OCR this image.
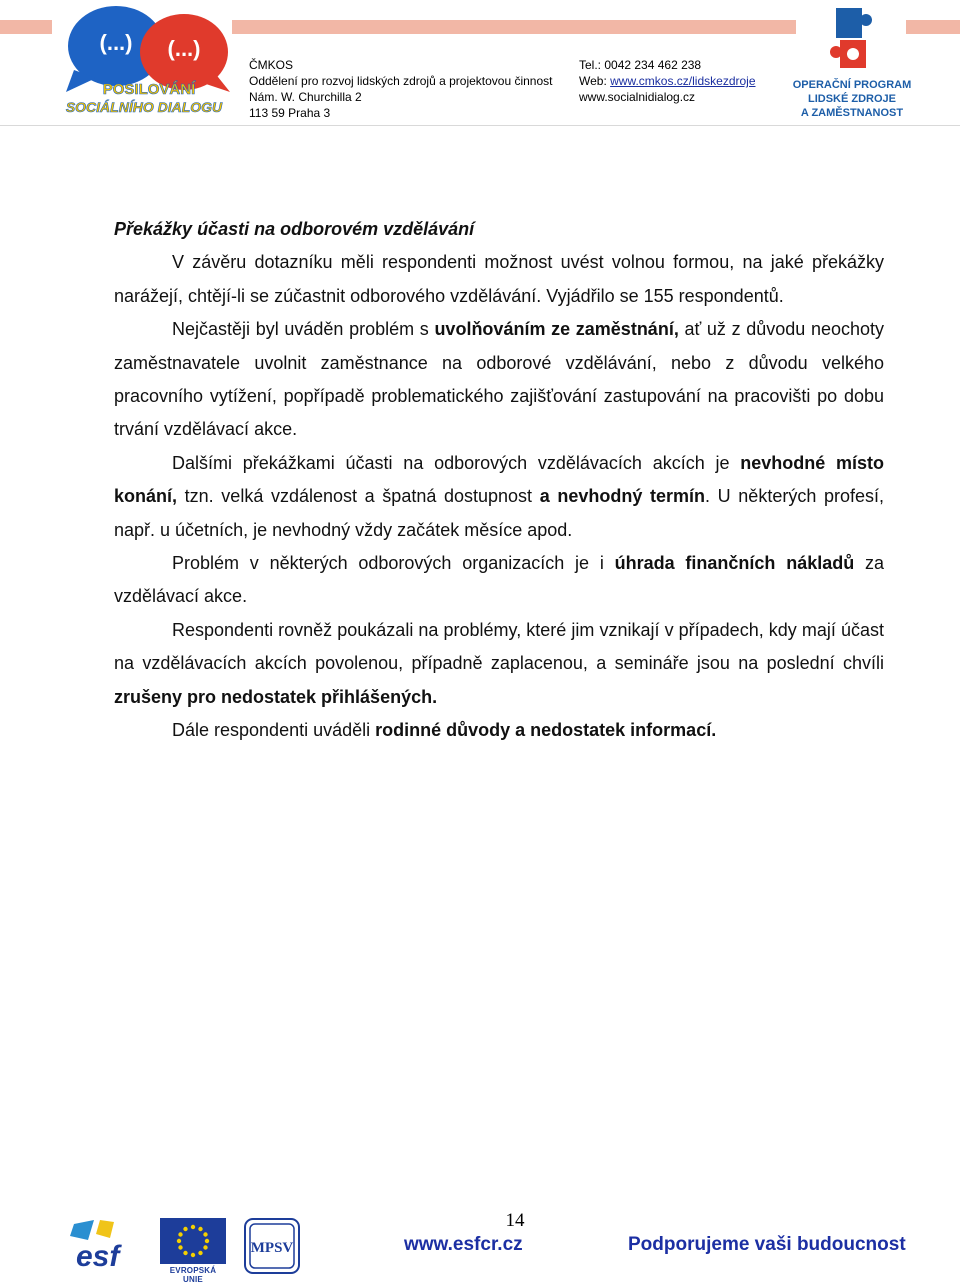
(...) (...)
POSILOVÁNÍ
SOCIÁLNÍHO DIALOGU
ČMKOS
Oddělení pro rozvoj lidských zdrojů a projektovou činnost
Nám. W. Churchilla 2
113 59 Praha 3
Tel.: 0042 234 462 238
Web: www.cmkos.cz/lidskezdroje
www.socialnidialog.cz
OPERAČNÍ PROGRAM
LIDSKÉ ZDROJE
A ZAMĚSTNANOST
Překážky účasti na odborovém vzdělávání

V závěru dotazníku měli respondenti možnost uvést volnou formou, na jaké překážky narážejí, chtějí-li se zúčastnit odborového vzdělávání. Vyjádřilo se 155 respondentů.

Nejčastěji byl uváděn problém s uvolňováním ze zaměstnání, ať už z důvodu neochoty zaměstnavatele uvolnit zaměstnance na odborové vzdělávání, nebo z důvodu velkého pracovního vytížení, popřípadě problematického zajišťování zastupování na pracovišti po dobu trvání vzdělávací akce.

Dalšími překážkami účasti na odborových vzdělávacích akcích je nevhodné místo konání, tzn. velká vzdálenost a špatná dostupnost a nevhodný termín. U některých profesí, např. u účetních, je nevhodný vždy začátek měsíce apod.

Problém v některých odborových organizacích je i úhrada finančních nákladů za vzdělávací akce.

Respondenti rovněž poukázali na problémy, které jim vznikají v případech, kdy mají účast na vzdělávacích akcích povolenou, případně zaplacenou, a semináře jsou na poslední chvíli zrušeny pro nedostatek přihlášených.

Dále respondenti uváděli rodinné důvody a nedostatek informací.

14
esf	EVROPSKÁ UNIE
MPSV	www.esfcr.cz	Podporujeme vaši budoucnost
